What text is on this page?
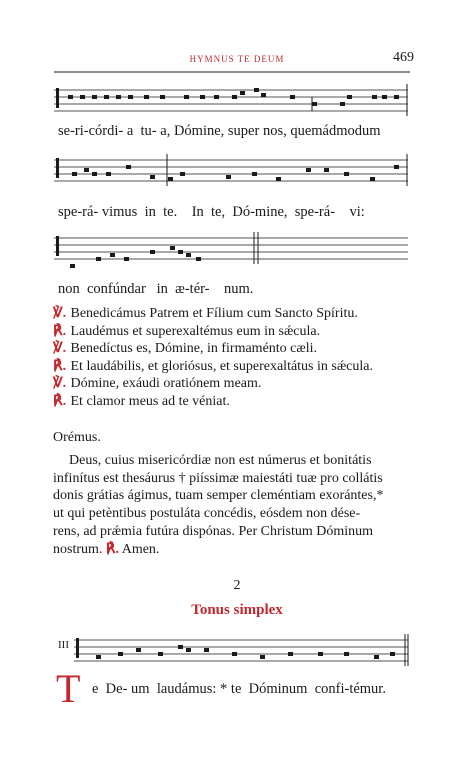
HYMNUS TE DEUM	469
se-ri-córdi- a  tu- a, Dómine, super nos, quemádmodum
spe-rá- vimus  in  te.    In  te,  Dó-mine,  spe-rá-    vi:
non  confúndar   in  æ-tér-    num.
℣. Benedicámus Patrem et Fílium cum Sancto Spíritu.
℟. Laudémus et superexaltémus eum in sǽcula.
℣. Benedíctus es, Dómine, in firmaménto cæli.
℟. Et laudábilis, et gloriósus, et superexaltátus in sǽcula.
℣. Dómine, exáudi oratiónem meam.
℟. Et clamor meus ad te véniat.
Orémus.
Deus, cuius misericórdiæ non est númerus et bonitátis
infinítus est thesáurus † piíssimæ maiestáti tuæ pro collátis
donis grátias ágimus, tuam semper cleméntiam exorántes,*
ut qui petèntibus postuláta concédis, eósdem non dése-
rens, ad prǽmia futúra dispónas. Per Christum Dóminum
nostrum. ℟. Amen.
2
Tonus simplex
III
T e  De- um  laudámus: * te  Dóminum  confi-témur.
